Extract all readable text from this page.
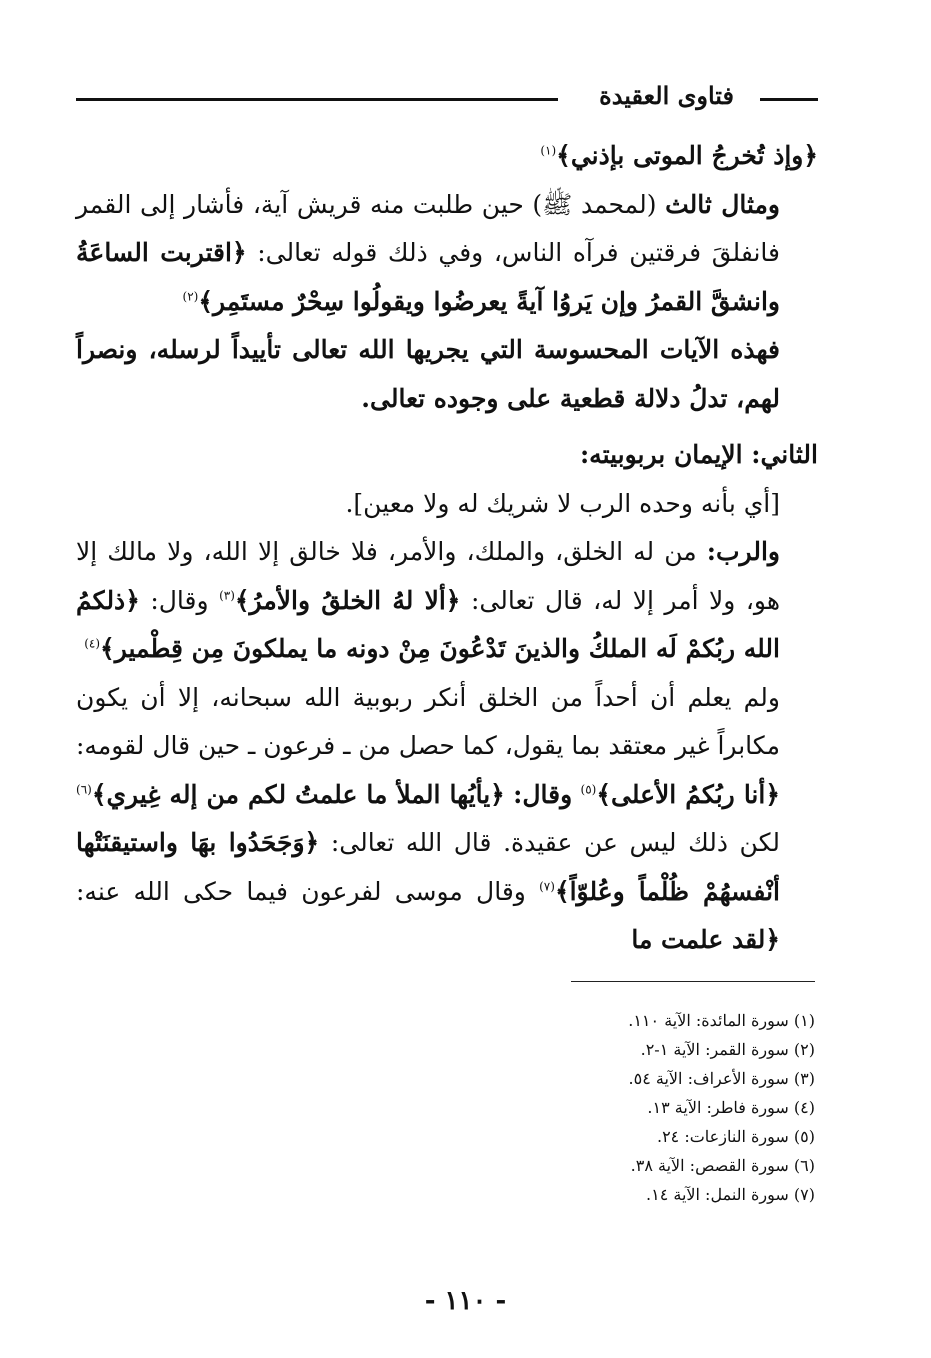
فتاوى العقيدة

﴿وإذ تُخرجُ الموتى بإذني﴾$^{(١)}$

ومثال ثالث (لمحمد ﷺ) حين طلبت منه قريش آية، فأشار إلى القمر فانفلقَ فرقتين فرآه الناس، وفي ذلك قوله تعالى: ﴿اقتربت الساعَةُ وانشقَّ القمرُ وإن يَروُا آيةً يعرضُوا ويقولُوا سِحْرٌ مستَمِر﴾$^{(٢)}$

فهذه الآيات المحسوسة التي يجريها الله تعالى تأييداً لرسله، ونصراً لهم، تدلُ دلالة قطعية على وجوده تعالى.

الثاني: الإيمان بربوبيته:

[أي بأنه وحده الرب لا شريك له ولا معين].

والرب: من له الخلق، والملك، والأمر، فلا خالق إلا الله، ولا مالك إلا هو، ولا أمر إلا له، قال تعالى: ﴿ألا لهُ الخلقُ والأمرُ﴾$^{(٣)}$ وقال: ﴿ذلكمُ الله ربُكمْ لَه الملكُ والذينَ تَدْعُونَ مِنْ دونه ما يملكونَ مِن قِطْمير﴾$^{(٤)}$

ولم يعلم أن أحداً من الخلق أنكر ربوبية الله سبحانه، إلا أن يكون مكابراً غير معتقد بما يقول، كما حصل من ـ فرعون ـ حين قال لقومه: ﴿أنا ربُكمُ الأعلى﴾$^{(٥)}$ وقال: ﴿يأيُها الملأ ما علمتُ لكم من إله غِيري﴾$^{(٦)}$ لكن ذلك ليس عن عقيدة. قال الله تعالى: ﴿وَجَحَدُوا بهَا واستيقنَتْها أنْفسهُمْ ظُلْماً وعُلوّاً﴾$^{(٧)}$ وقال موسى لفرعون فيما حكى الله عنه: ﴿لقد علمت ما

(١) سورة المائدة: الآية ١١٠.
(٢) سورة القمر: الآية ١-٢.
(٣) سورة الأعراف: الآية ٥٤.
(٤) سورة فاطر: الآية ١٣.
(٥) سورة النازعات: ٢٤.
(٦) سورة القصص: الآية ٣٨.
(٧) سورة النمل: الآية ١٤.
- ١١٠ -
